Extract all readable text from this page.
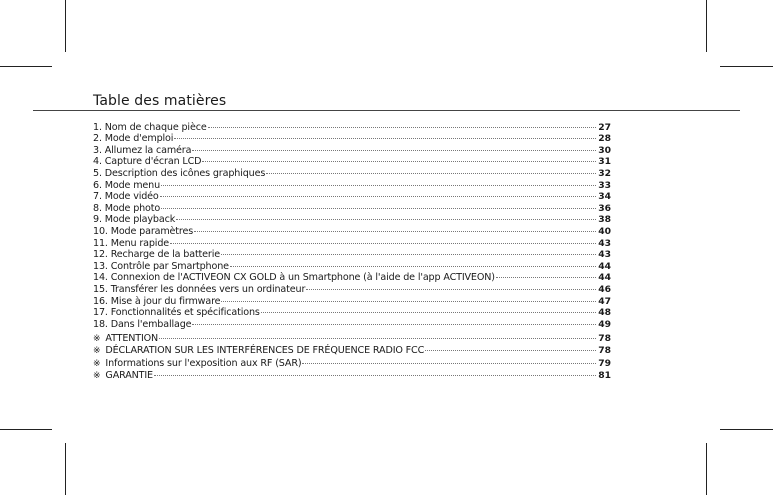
Table des matières
1. Nom de chaque pièce	27
2. Mode d'emploi	28
3. Allumez la caméra	30
4. Capture d'écran LCD	31
5. Description des icônes graphiques	32
6. Mode menu	33
7. Mode vidéo	34
8. Mode photo	36
9. Mode playback	38
10. Mode paramètres	40
11. Menu rapide	43
12. Recharge de la batterie	43
13. Contrôle par Smartphone	44
14. Connexion de l'ACTIVEON CX GOLD à un Smartphone (à l'aide de l'app ACTIVEON)	44
15. Transférer les données vers un ordinateur	46
16. Mise à jour du firmware	47
17. Fonctionnalités et spécifications	48
18. Dans l'emballage	49
※ ATTENTION	78
※ DÉCLARATION SUR LES INTERFÉRENCES DE FRÉQUENCE RADIO FCC	78
※ Informations sur l'exposition aux RF (SAR)	79
※ GARANTIE	81
